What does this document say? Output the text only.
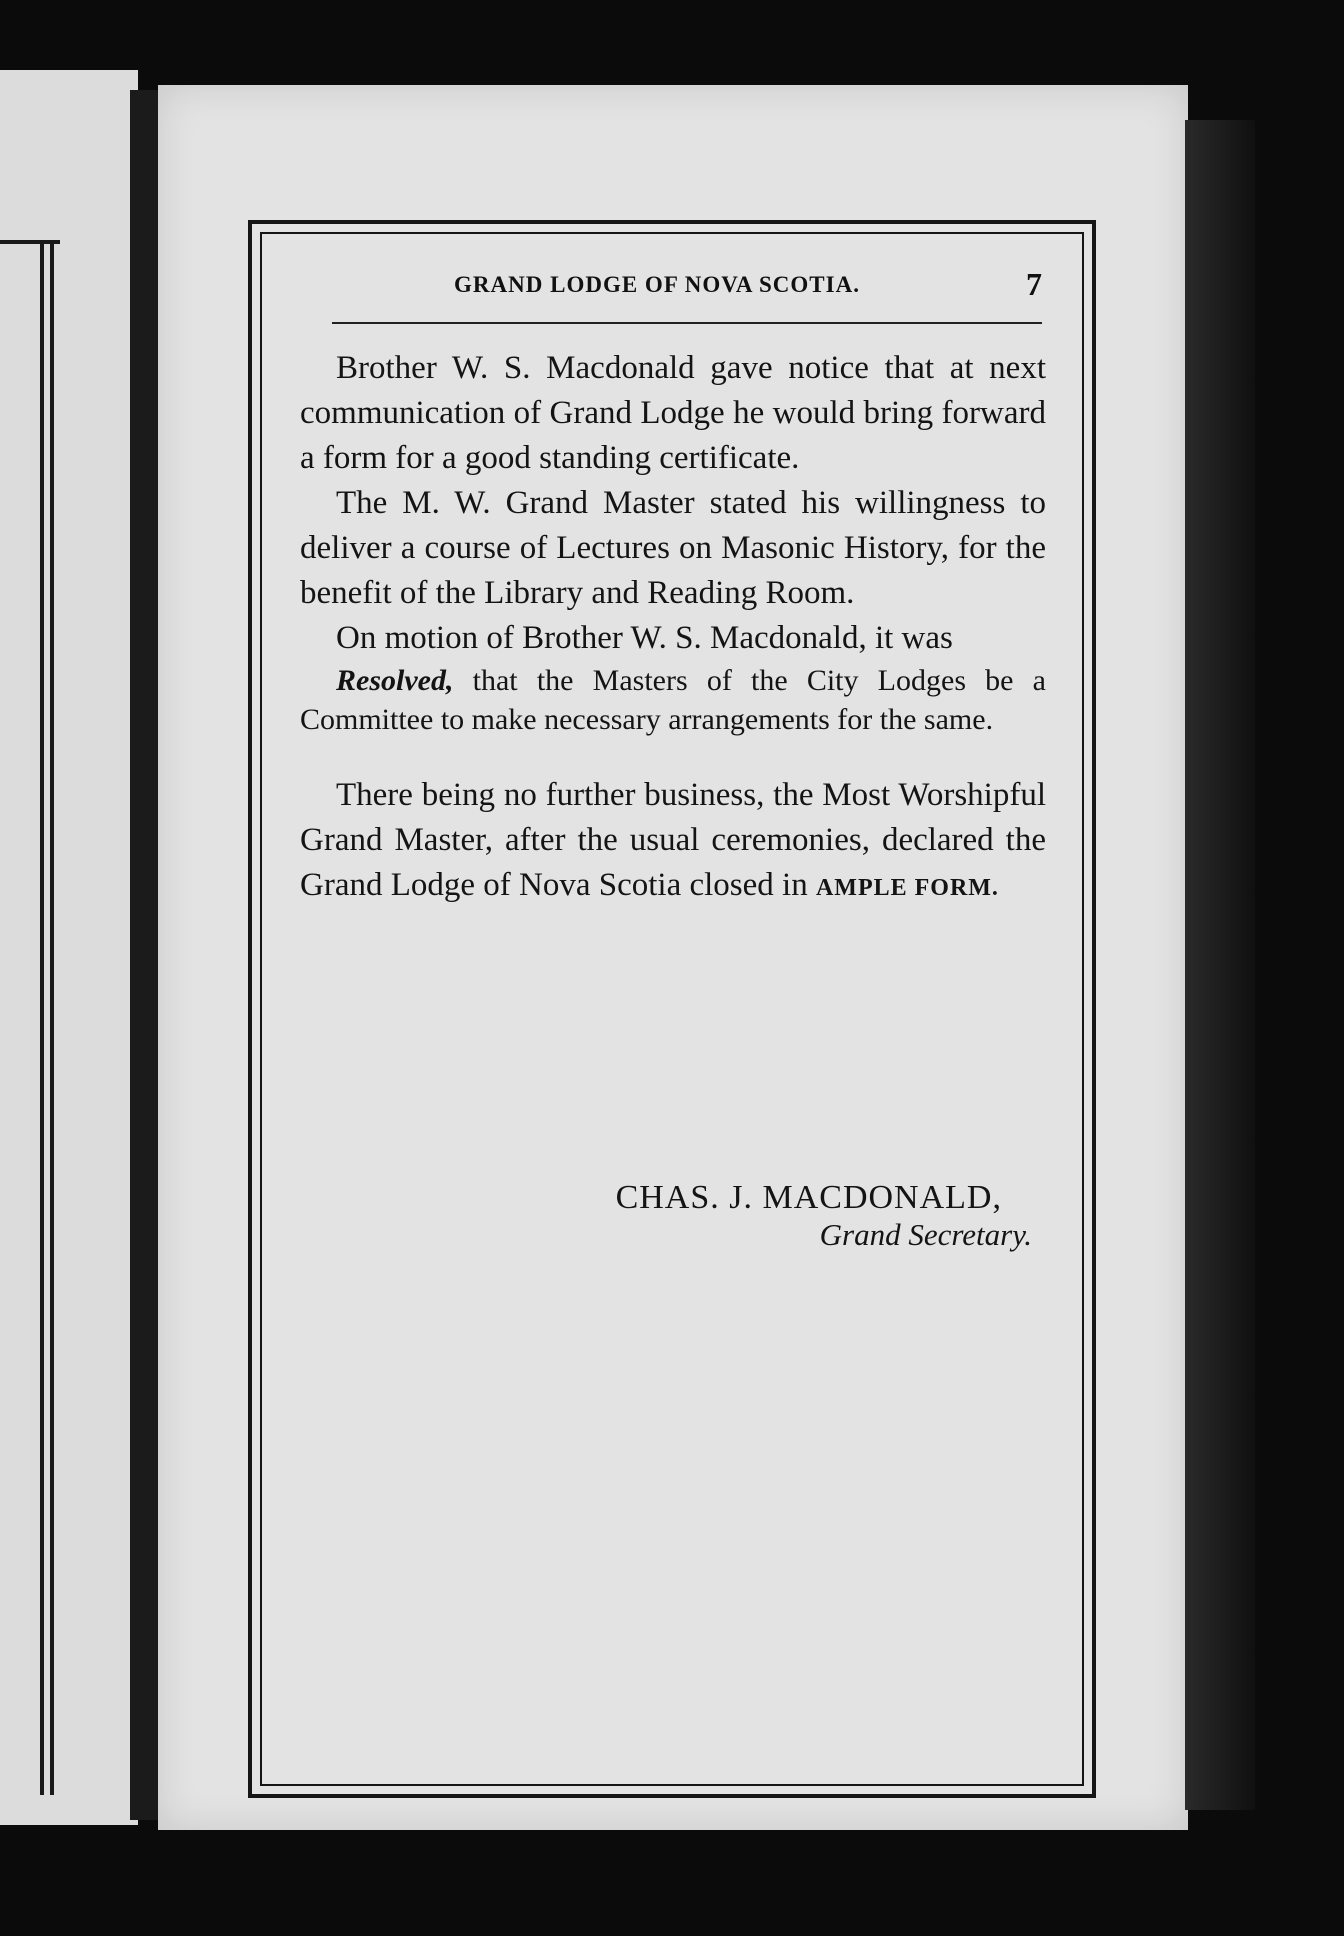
GRAND LODGE OF NOVA SCOTIA.	7

Brother W. S. Macdonald gave notice that at next communication of Grand Lodge he would bring forward a form for a good standing certificate.

The M. W. Grand Master stated his willingness to deliver a course of Lectures on Masonic History, for the benefit of the Library and Reading Room.

On motion of Brother W. S. Macdonald, it was

Resolved, that the Masters of the City Lodges be a Committee to make necessary arrangements for the same.

There being no further business, the Most Worshipful Grand Master, after the usual ceremonies, declared the Grand Lodge of Nova Scotia closed in AMPLE FORM.

CHAS. J. MACDONALD,
Grand Secretary.
